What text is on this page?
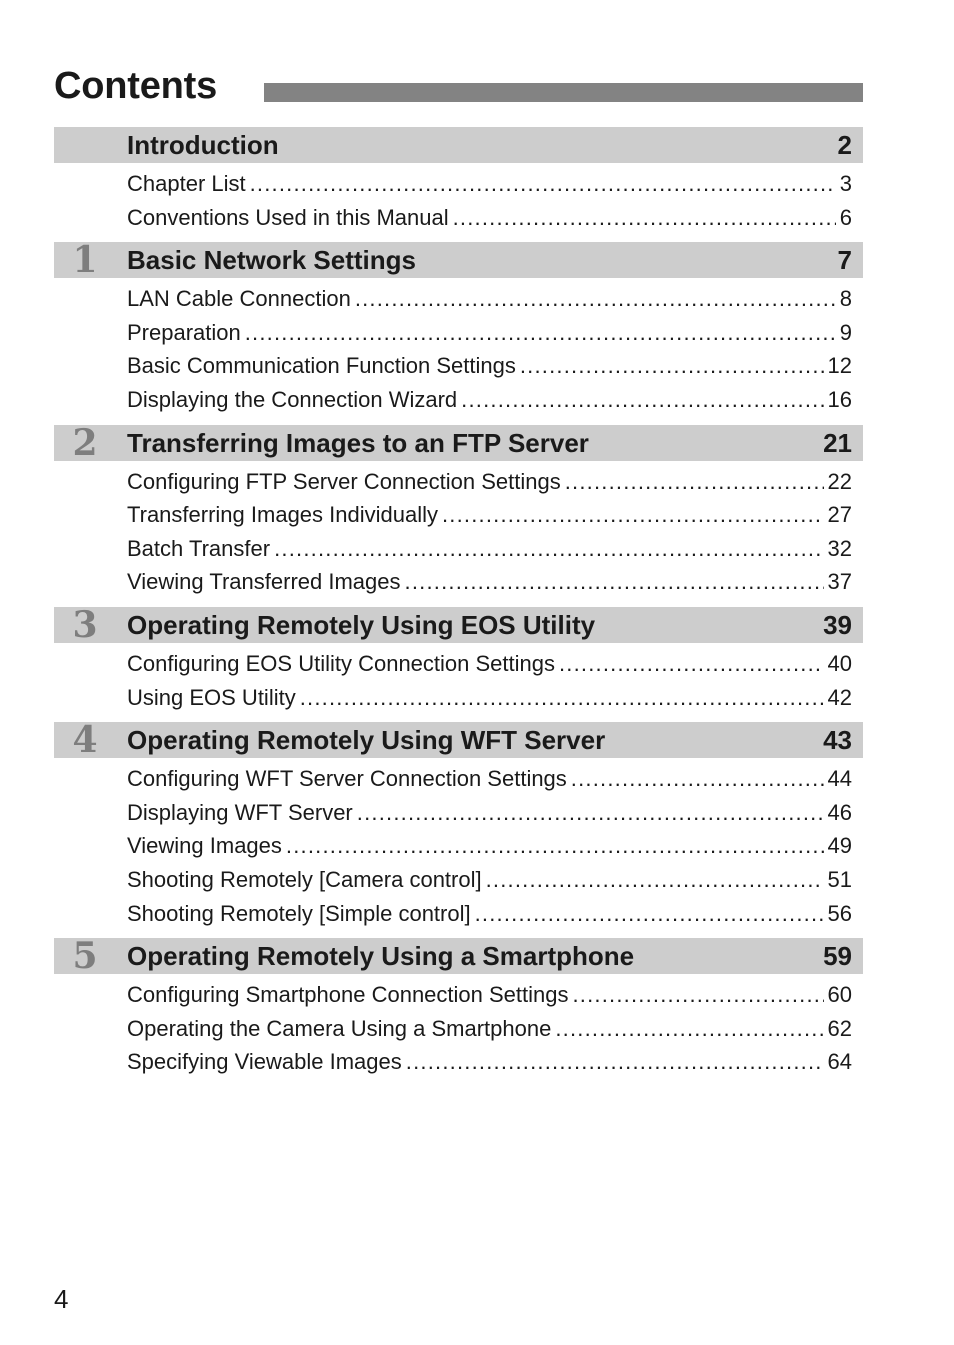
Contents
Introduction	2
Chapter List .....	3
Conventions Used in this Manual .....	6
1 Basic Network Settings	7
LAN Cable Connection .....	8
Preparation .....	9
Basic Communication Function Settings .....	12
Displaying the Connection Wizard .....	16
2 Transferring Images to an FTP Server	21
Configuring FTP Server Connection Settings .....	22
Transferring Images Individually .....	27
Batch Transfer .....	32
Viewing Transferred Images .....	37
3 Operating Remotely Using EOS Utility	39
Configuring EOS Utility Connection Settings .....	40
Using EOS Utility .....	42
4 Operating Remotely Using WFT Server	43
Configuring WFT Server Connection Settings .....	44
Displaying WFT Server .....	46
Viewing Images .....	49
Shooting Remotely [Camera control] .....	51
Shooting Remotely [Simple control] .....	56
5 Operating Remotely Using a Smartphone	59
Configuring Smartphone Connection Settings .....	60
Operating the Camera Using a Smartphone .....	62
Specifying Viewable Images .....	64
4
